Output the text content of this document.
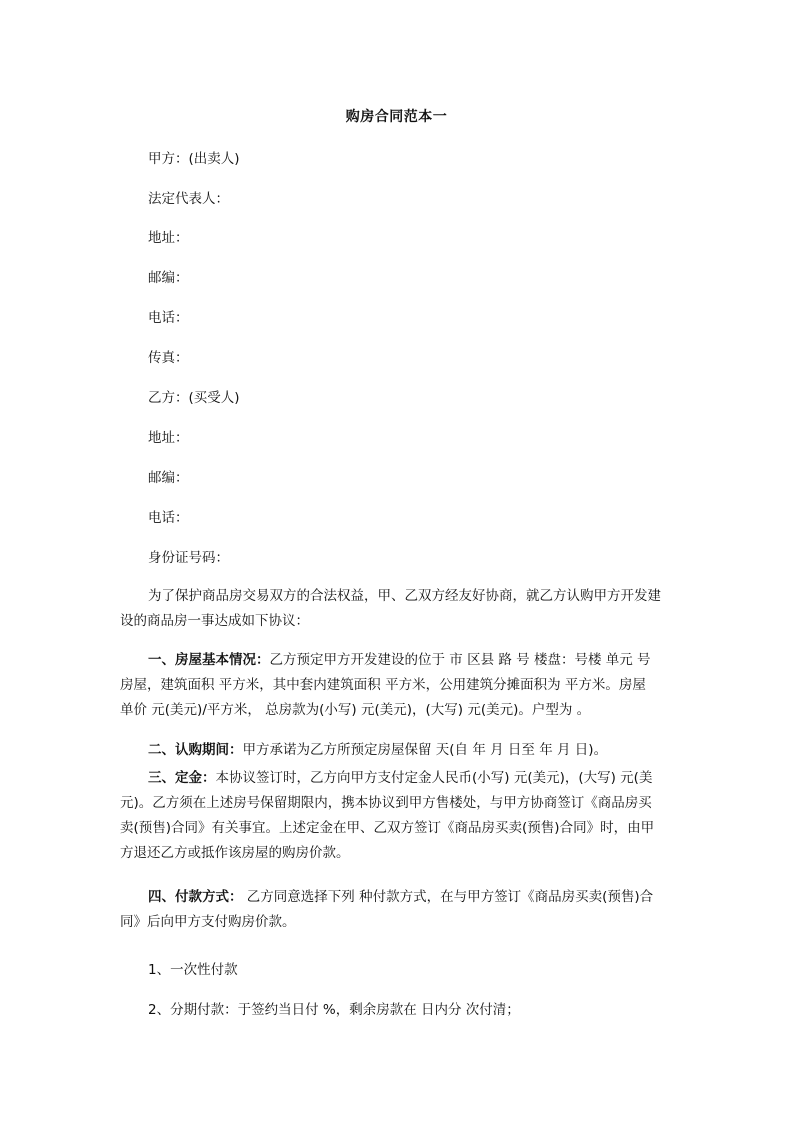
购房合同范本一
甲方：(出卖人)
法定代表人：
地址：
邮编：
电话：
传真：
乙方：(买受人)
地址：
邮编：
电话：
身份证号码：
为了保护商品房交易双方的合法权益，甲、乙双方经友好协商，就乙方认购甲方开发建
设的商品房一事达成如下协议：
一、房屋基本情况：乙方预定甲方开发建设的位于 市 区县 路 号 楼盘：号楼 单元 号
房屋，建筑面积 平方米，其中套内建筑面积 平方米，公用建筑分摊面积为 平方米。房屋
单价 元(美元)/平方米， 总房款为(小写) 元(美元)，(大写) 元(美元)。户型为 。
二、认购期间：甲方承诺为乙方所预定房屋保留 天(自 年 月 日至 年 月 日)。
三、定金：本协议签订时，乙方向甲方支付定金人民币(小写) 元(美元)，(大写) 元(美
元)。乙方须在上述房号保留期限内，携本协议到甲方售楼处，与甲方协商签订《商品房买
卖(预售)合同》有关事宜。上述定金在甲、乙双方签订《商品房买卖(预售)合同》时，由甲
方退还乙方或抵作该房屋的购房价款。
四、付款方式： 乙方同意选择下列 种付款方式，在与甲方签订《商品房买卖(预售)合
同》后向甲方支付购房价款。
1、一次性付款
2、分期付款：于签约当日付 %，剩余房款在 日内分 次付清；
